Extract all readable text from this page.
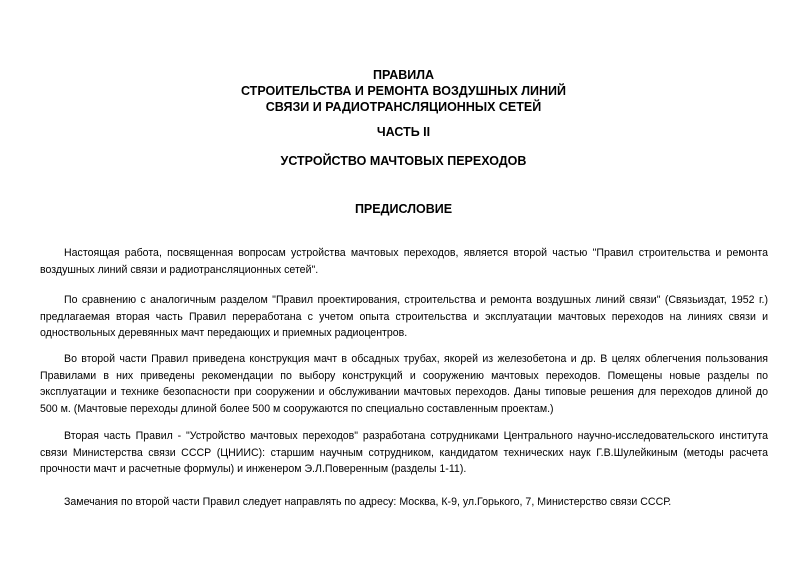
ПРАВИЛА
СТРОИТЕЛЬСТВА И РЕМОНТА ВОЗДУШНЫХ ЛИНИЙ
СВЯЗИ И РАДИОТРАНСЛЯЦИОННЫХ СЕТЕЙ
ЧАСТЬ II
УСТРОЙСТВО МАЧТОВЫХ ПЕРЕХОДОВ
ПРЕДИСЛОВИЕ

Настоящая работа, посвященная вопросам устройства мачтовых переходов, является второй частью "Правил строительства и ремонта воздушных линий связи и радиотрансляционных сетей".

По сравнению с аналогичным разделом "Правил проектирования, строительства и ремонта воздушных линий связи" (Связьиздат, 1952 г.) предлагаемая вторая часть Правил переработана с учетом опыта строительства и эксплуатации мачтовых переходов на линиях связи и одноствольных деревянных мачт передающих и приемных радиоцентров.

Во второй части Правил приведена конструкция мачт в обсадных трубах, якорей из железобетона и др. В целях облегчения пользования Правилами в них приведены рекомендации по выбору конструкций и сооружению мачтовых переходов. Помещены новые разделы по эксплуатации и технике безопасности при сооружении и обслуживании мачтовых переходов. Даны типовые решения для переходов длиной до 500 м. (Мачтовые переходы длиной более 500 м сооружаются по специально составленным проектам.)

Вторая часть Правил - "Устройство мачтовых переходов" разработана сотрудниками Центрального научно-исследовательского института связи Министерства связи СССР (ЦНИИС): старшим научным сотрудником, кандидатом технических наук Г.В.Шулейкиным (методы расчета прочности мачт и расчетные формулы) и инженером Э.Л.Поверенным (разделы 1-11).

Замечания по второй части Правил следует направлять по адресу: Москва, К-9, ул.Горького, 7, Министерство связи СССР.
